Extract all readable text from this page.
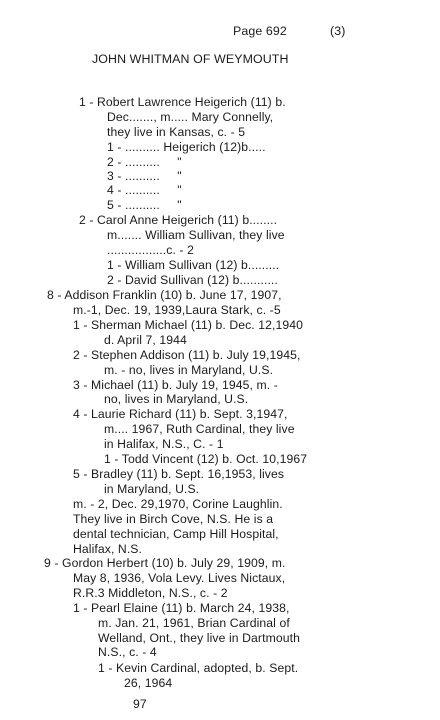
Page 692	(3)
JOHN WHITMAN OF WEYMOUTH
1 - Robert Lawrence Heigerich (11) b.
Dec......., m..... Mary Connelly,
they live in Kansas, c. - 5
1 - .......... Heigerich (12)b.....
2 - ..........     "
3 - ..........     "
4 - ..........     "
5 - ..........     "
2 - Carol Anne Heigerich (11) b........
m....... William Sullivan, they live
.................c. - 2
1 - William Sullivan (12) b.........
2 - David Sullivan (12) b...........
8 - Addison Franklin (10) b. June 17, 1907,
m.-1, Dec. 19, 1939,Laura Stark, c. -5
1 - Sherman Michael (11) b. Dec. 12,1940
d. April 7, 1944
2 - Stephen Addison (11) b. July 19,1945,
m. - no, lives in Maryland, U.S.
3 - Michael (11) b. July 19, 1945, m. -
no, lives in Maryland, U.S.
4 - Laurie Richard (11) b. Sept. 3,1947,
m.... 1967, Ruth Cardinal, they live
in Halifax, N.S., C. - 1
1 - Todd Vincent (12) b. Oct. 10,1967
5 - Bradley (11) b. Sept. 16,1953, lives
in Maryland, U.S.
m. - 2, Dec. 29,1970, Corine Laughlin.
They live in Birch Cove, N.S. He is a
dental technician, Camp Hill Hospital,
Halifax, N.S.
9 - Gordon Herbert (10) b. July 29, 1909, m.
May 8, 1936, Vola Levy. Lives Nictaux,
R.R.3 Middleton, N.S., c. - 2
1 - Pearl Elaine (11) b. March 24, 1938,
m. Jan. 21, 1961, Brian Cardinal of
Welland, Ont., they live in Dartmouth
N.S., c. - 4
1 - Kevin Cardinal, adopted, b. Sept.
26, 1964
97
